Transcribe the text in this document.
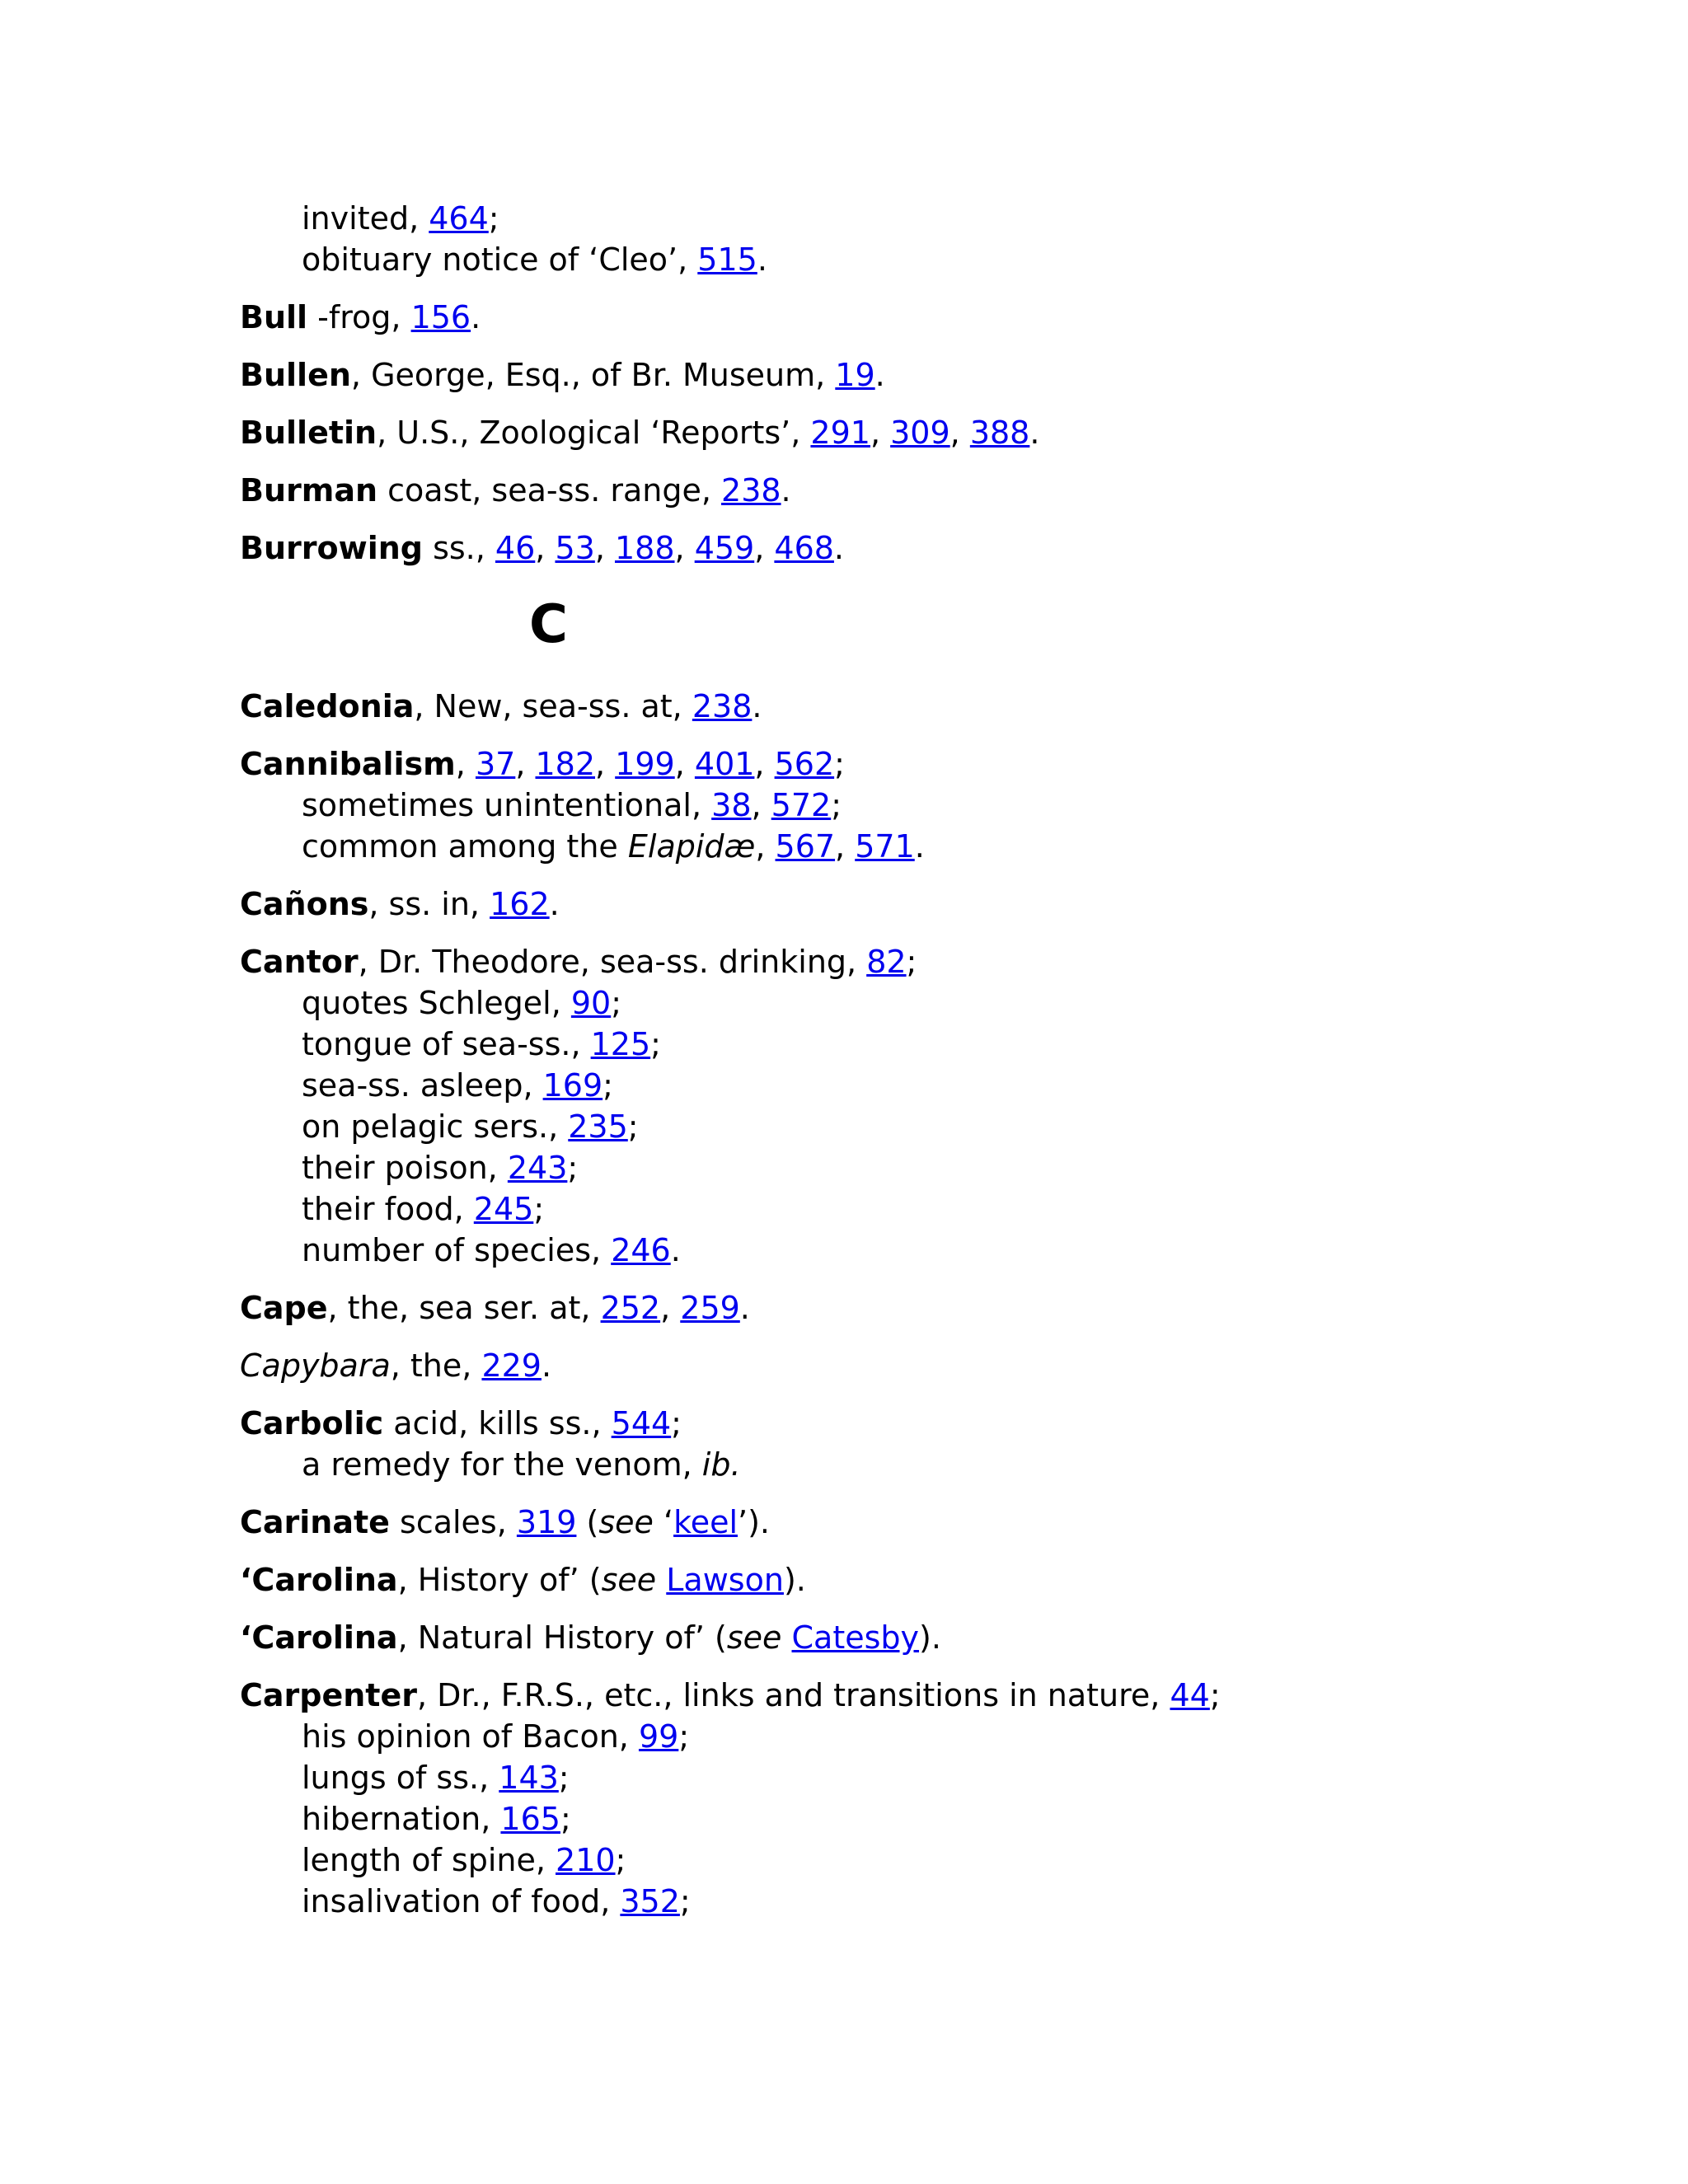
invited, 464;
obituary notice of ‘Cleo’, 515.
Bull -frog, 156.
Bullen, George, Esq., of Br. Museum, 19.
Bulletin, U.S., Zoological ‘Reports’, 291, 309, 388.
Burman coast, sea-ss. range, 238.
Burrowing ss., 46, 53, 188, 459, 468.
C
Caledonia, New, sea-ss. at, 238.
Cannibalism, 37, 182, 199, 401, 562;
sometimes unintentional, 38, 572;
common among the Elapidæ, 567, 571.
Cañons, ss. in, 162.
Cantor, Dr. Theodore, sea-ss. drinking, 82;
quotes Schlegel, 90;
tongue of sea-ss., 125;
sea-ss. asleep, 169;
on pelagic sers., 235;
their poison, 243;
their food, 245;
number of species, 246.
Cape, the, sea ser. at, 252, 259.
Capybara, the, 229.
Carbolic acid, kills ss., 544;
a remedy for the venom, ib.
Carinate scales, 319 (see ‘keel’).
‘Carolina, History of’ (see Lawson).
‘Carolina, Natural History of’ (see Catesby).
Carpenter, Dr., F.R.S., etc., links and transitions in nature, 44;
his opinion of Bacon, 99;
lungs of ss., 143;
hibernation, 165;
length of spine, 210;
insalivation of food, 352;
